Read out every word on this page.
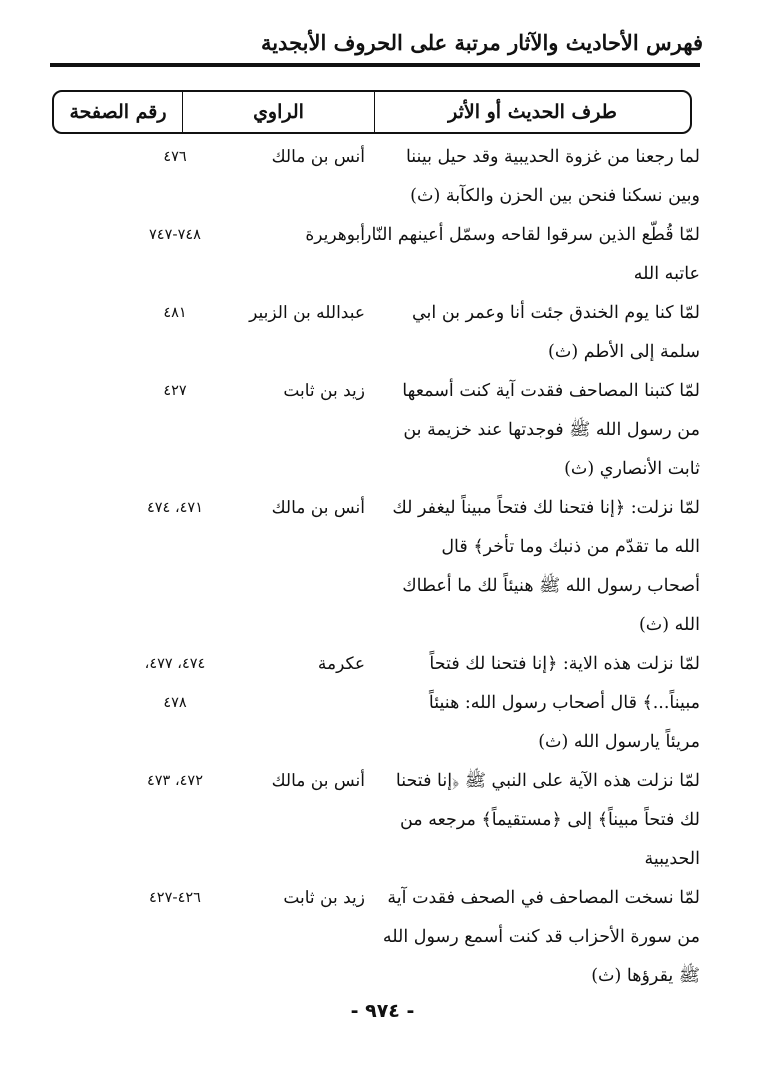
فهرس الأحاديث والآثار مرتبة على الحروف الأبجدية
طرف الحديث أو الأثر
الراوي
رقم الصفحة
لما رجعنا من غزوة الحديبية وقد حيل بيننا
وبين نسكنا فنحن بين الحزن والكآبة (ث)
أنس بن مالك
٤٧٦
لمّا قُطّع الذين سرقوا لقاحه وسمّل أعينهم النّار
عاتبه الله
أبوهريرة
٧٤٨-٧٤٧
لمّا كنا يوم الخندق جئت أنا وعمر بن ابي
سلمة إلى الأطم (ث)
عبدالله بن الزبير
٤٨١
لمّا كتبنا المصاحف فقدت آية كنت أسمعها
من رسول الله ﷺ فوجدتها عند خزيمة بن
ثابت الأنصاري (ث)
زيد بن ثابت
٤٢٧
لمّا نزلت: ﴿إنا فتحنا لك فتحاً مبيناً ليغفر لك
الله ما تقدّم من ذنبك وما تأخر﴾ قال
أصحاب رسول الله ﷺ هنيئاً لك ما أعطاك
الله (ث)
أنس بن مالك
٤٧١، ٤٧٤
لمّا نزلت هذه الاية: ﴿إنا فتحنا لك فتحاً
مبيناً...﴾ قال أصحاب رسول الله: هنيئاً
مريئاً يارسول الله (ث)
عكرمة
٤٧٤، ٤٧٧،
٤٧٨
لمّا نزلت هذه الآية على النبي ﷺ ﴿إنا فتحنا
لك فتحاً مبيناً﴾ إلى ﴿مستقيماً﴾ مرجعه من
الحديبية
أنس بن مالك
٤٧٢، ٤٧٣
لمّا نسخت المصاحف في الصحف فقدت آية
من سورة الأحزاب قد كنت أسمع رسول الله
ﷺ يقرؤها (ث)
زيد بن ثابت
٤٢٦-٤٢٧
- ٩٧٤ -
